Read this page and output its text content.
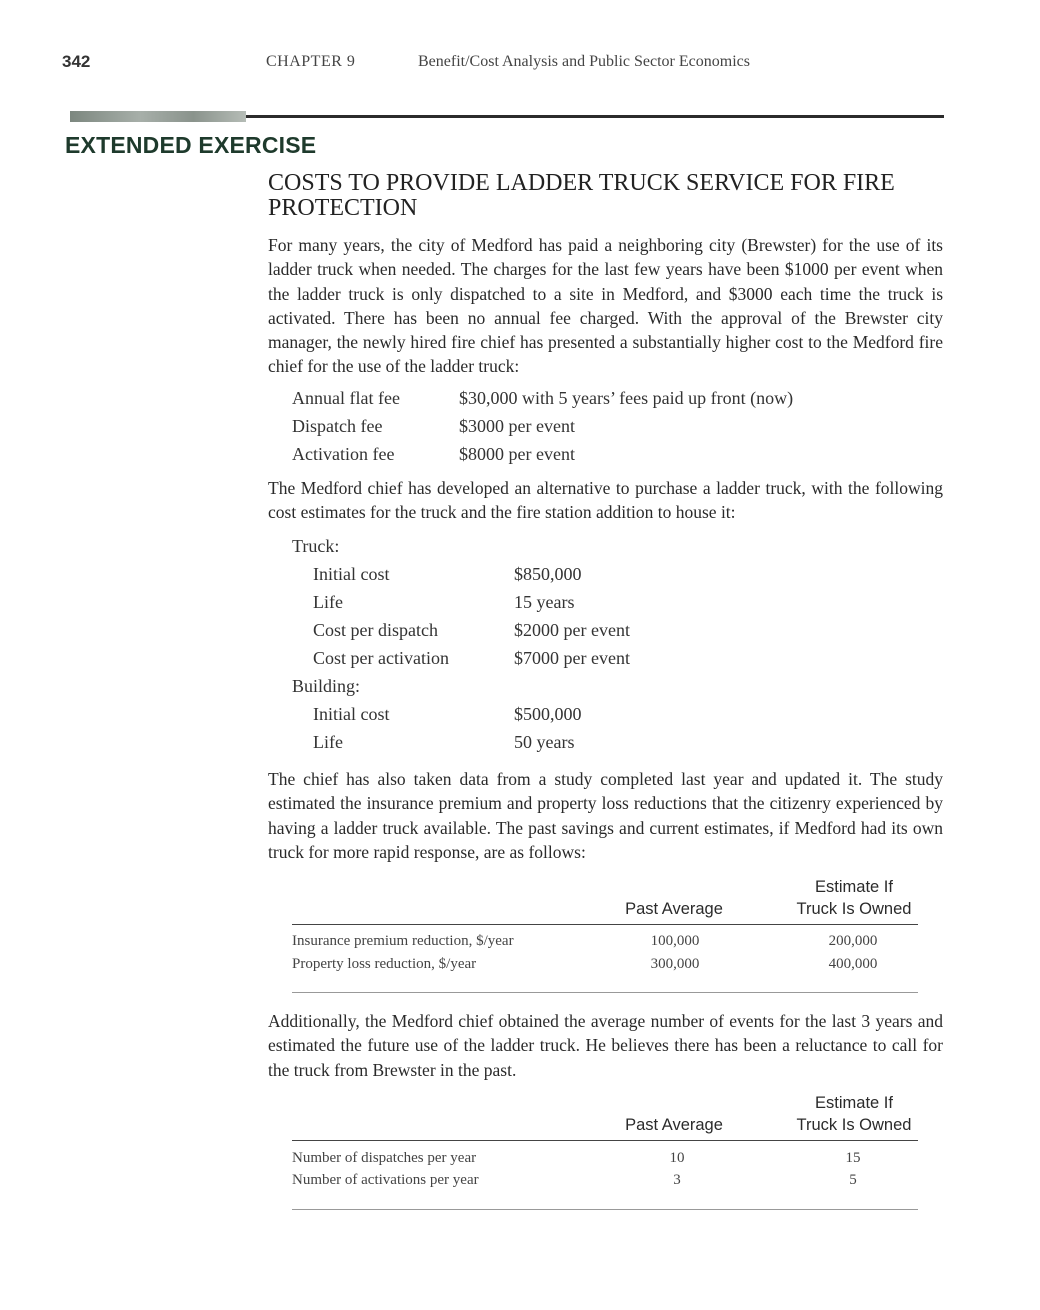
342	CHAPTER 9	Benefit/Cost Analysis and Public Sector Economics
EXTENDED EXERCISE
COSTS TO PROVIDE LADDER TRUCK SERVICE FOR FIRE PROTECTION
For many years, the city of Medford has paid a neighboring city (Brewster) for the use of its ladder truck when needed. The charges for the last few years have been $1000 per event when the ladder truck is only dispatched to a site in Medford, and $3000 each time the truck is activated. There has been no annual fee charged. With the approval of the Brewster city manager, the newly hired fire chief has presented a substantially higher cost to the Medford fire chief for the use of the ladder truck:
Annual flat fee	$30,000 with 5 years’ fees paid up front (now)
Dispatch fee	$3000 per event
Activation fee	$8000 per event
The Medford chief has developed an alternative to purchase a ladder truck, with the following cost estimates for the truck and the fire station addition to house it:
Truck:
Initial cost	$850,000
Life	15 years
Cost per dispatch	$2000 per event
Cost per activation	$7000 per event
Building:
Initial cost	$500,000
Life	50 years
The chief has also taken data from a study completed last year and updated it. The study estimated the insurance premium and property loss reductions that the citizenry experienced by having a ladder truck available. The past savings and current estimates, if Medford had its own truck for more rapid response, are as follows:
Estimate If
Past Average	Truck Is Owned
Insurance premium reduction, $/year	100,000	200,000
Property loss reduction, $/year	300,000	400,000
Additionally, the Medford chief obtained the average number of events for the last 3 years and estimated the future use of the ladder truck. He believes there has been a reluctance to call for the truck from Brewster in the past.
Estimate If
Past Average	Truck Is Owned
Number of dispatches per year	10	15
Number of activations per year	3	5
